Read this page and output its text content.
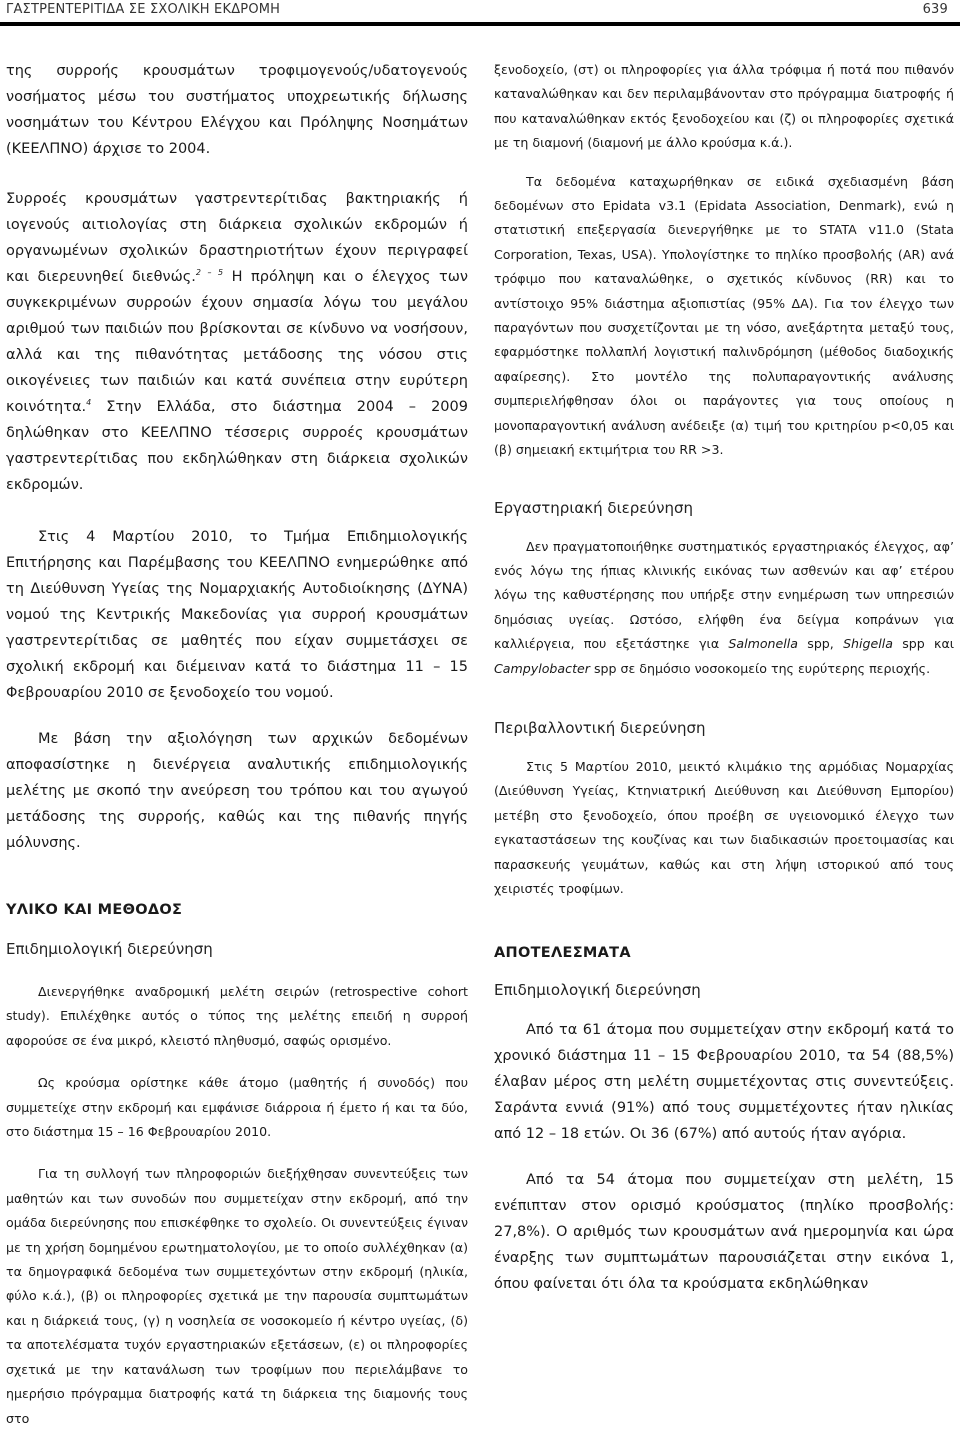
ΓΑΣΤΡΕΝΤΕΡΙΤΙΔΑ ΣΕ ΣΧΟΛΙΚΗ ΕΚΔΡΟΜΗ	639

της συρροής κρουσμάτων τροφιμογενούς/υδατογενούς νοσήματος μέσω του συστήματος υποχρεωτικής δήλωσης νοσημάτων του Κέντρου Ελέγχου και Πρόληψης Νοσημάτων (ΚΕΕΛΠΝΟ) άρχισε το 2004.

Συρροές κρουσμάτων γαστρεντερίτιδας βακτηριακής ή ιογενούς αιτιολογίας στη διάρκεια σχολικών εκδρομών ή οργανωμένων σχολικών δραστηριοτήτων έχουν περιγραφεί και διερευνηθεί διεθνώς.$^{2 - 5}$ Η πρόληψη και ο έλεγχος των συγκεκριμένων συρροών έχουν σημασία λόγω του μεγάλου αριθμού των παιδιών που βρίσκονται σε κίνδυνο να νοσήσουν, αλλά και της πιθανότητας μετάδοσης της νόσου στις οικογένειες των παιδιών και κατά συνέπεια στην ευρύτερη κοινότητα.$^4$ Στην Ελλάδα, στο διάστημα 2004 – 2009 δηλώθηκαν στο ΚΕΕΛΠΝΟ τέσσερις συρροές κρουσμάτων γαστρεντερίτιδας που εκδηλώθηκαν στη διάρκεια σχολικών εκδρομών.

Στις 4 Μαρτίου 2010, το Τμήμα Επιδημιολογικής Επιτήρησης και Παρέμβασης του ΚΕΕΛΠΝΟ ενημερώθηκε από τη Διεύθυνση Υγείας της Νομαρχιακής Αυτοδιοίκησης (ΔΥΝΑ) νομού της Κεντρικής Μακεδονίας για συρροή κρουσμάτων γαστρεντερίτιδας σε μαθητές που είχαν συμμετάσχει σε σχολική εκδρομή και διέμειναν κατά το διάστημα 11 – 15 Φεβρουαρίου 2010 σε ξενοδοχείο του νομού.

Με βάση την αξιολόγηση των αρχικών δεδομένων αποφασίστηκε η διενέργεια αναλυτικής επιδημιολογικής μελέτης με σκοπό την ανεύρεση του τρόπου και του αγωγού μετάδοσης της συρροής, καθώς και της πιθανής πηγής μόλυνσης.

ΥΛΙΚΟ ΚΑΙ ΜΕΘΟΔΟΣ
Επιδημιολογική διερεύνηση

Διενεργήθηκε αναδρομική μελέτη σειρών (retrospective cohort study). Επιλέχθηκε αυτός ο τύπος της μελέτης επειδή η συρροή αφορούσε σε ένα μικρό, κλειστό πληθυσμό, σαφώς ορισμένο.

Ως κρούσμα ορίστηκε κάθε άτομο (μαθητής ή συνοδός) που συμμετείχε στην εκδρομή και εμφάνισε διάρροια ή έμετο ή και τα δύο, στο διάστημα 15 – 16 Φεβρουαρίου 2010.

Για τη συλλογή των πληροφοριών διεξήχθησαν συνεντεύξεις των μαθητών και των συνοδών που συμμετείχαν στην εκδρομή, από την ομάδα διερεύνησης που επισκέφθηκε το σχολείο. Οι συνεντεύξεις έγιναν με τη χρήση δομημένου ερωτηματολογίου, με το οποίο συλλέχθηκαν (α) τα δημογραφικά δεδομένα των συμμετεχόντων στην εκδρομή (ηλικία, φύλο κ.ά.), (β) οι πληροφορίες σχετικά με την παρουσία συμπτωμάτων και η διάρκειά τους, (γ) η νοσηλεία σε νοσοκομείο ή κέντρο υγείας, (δ) τα αποτελέσματα τυχόν εργαστηριακών εξετάσεων, (ε) οι πληροφορίες σχετικά με την κατανάλωση των τροφίμων που περιελάμβανε το ημερήσιο πρόγραμμα διατροφής κατά τη διάρκεια της διαμονής τους στο

ξενοδοχείο, (στ) οι πληροφορίες για άλλα τρόφιμα ή ποτά που πιθανόν καταναλώθηκαν και δεν περιλαμβάνονταν στο πρόγραμμα διατροφής ή που καταναλώθηκαν εκτός ξενοδοχείου και (ζ) οι πληροφορίες σχετικά με τη διαμονή (διαμονή με άλλο κρούσμα κ.ά.).

Τα δεδομένα καταχωρήθηκαν σε ειδικά σχεδιασμένη βάση δεδομένων στο Epidata v3.1 (Epidata Association, Denmark), ενώ η στατιστική επεξεργασία διενεργήθηκε με το STATA v11.0 (Stata Corporation, Texas, USA). Υπολογίστηκε το πηλίκο προσβολής (AR) ανά τρόφιμο που καταναλώθηκε, ο σχετικός κίνδυνος (RR) και το αντίστοιχο 95% διάστημα αξιοπιστίας (95% ΔΑ). Για τον έλεγχο των παραγόντων που συσχετίζονται με τη νόσο, ανεξάρτητα μεταξύ τους, εφαρμόστηκε πολλαπλή λογιστική παλινδρόμηση (μέθοδος διαδοχικής αφαίρεσης). Στο μοντέλο της πολυπαραγοντικής ανάλυσης συμπεριελήφθησαν όλοι οι παράγοντες για τους οποίους η μονοπαραγοντική ανάλυση ανέδειξε (α) τιμή του κριτηρίου p<0,05 και (β) σημειακή εκτιμήτρια του RR >3.

Εργαστηριακή διερεύνηση

Δεν πραγματοποιήθηκε συστηματικός εργαστηριακός έλεγχος, αφ’ ενός λόγω της ήπιας κλινικής εικόνας των ασθενών και αφ’ ετέρου λόγω της καθυστέρησης που υπήρξε στην ενημέρωση των υπηρεσιών δημόσιας υγείας. Ωστόσο, ελήφθη ένα δείγμα κοπράνων για καλλιέργεια, που εξετάστηκε για Salmonella spp, Shigella spp και Campylobacter spp σε δημόσιο νοσοκομείο της ευρύτερης περιοχής.

Περιβαλλοντική διερεύνηση

Στις 5 Μαρτίου 2010, μεικτό κλιμάκιο της αρμόδιας Νομαρχίας (Διεύθυνση Υγείας, Κτηνιατρική Διεύθυνση και Διεύθυνση Εμπορίου) μετέβη στο ξενοδοχείο, όπου προέβη σε υγειονομικό έλεγχο των εγκαταστάσεων της κουζίνας και των διαδικασιών προετοιμασίας και παρασκευής γευμάτων, καθώς και στη λήψη ιστορικού από τους χειριστές τροφίμων.

ΑΠΟΤΕΛΕΣΜΑΤΑ
Επιδημιολογική διερεύνηση

Από τα 61 άτομα που συμμετείχαν στην εκδρομή κατά το χρονικό διάστημα 11 – 15 Φεβρουαρίου 2010, τα 54 (88,5%) έλαβαν μέρος στη μελέτη συμμετέχοντας στις συνεντεύξεις. Σαράντα εννιά (91%) από τους συμμετέχοντες ήταν ηλικίας από 12 – 18 ετών. Οι 36 (67%) από αυτούς ήταν αγόρια.

Από τα 54 άτομα που συμμετείχαν στη μελέτη, 15 ενέπιπταν στον ορισμό κρούσματος (πηλίκο προσβολής: 27,8%). Ο αριθμός των κρουσμάτων ανά ημερομηνία και ώρα έναρξης των συμπτωμάτων παρουσιάζεται στην εικόνα 1, όπου φαίνεται ότι όλα τα κρούσματα εκδηλώθηκαν
